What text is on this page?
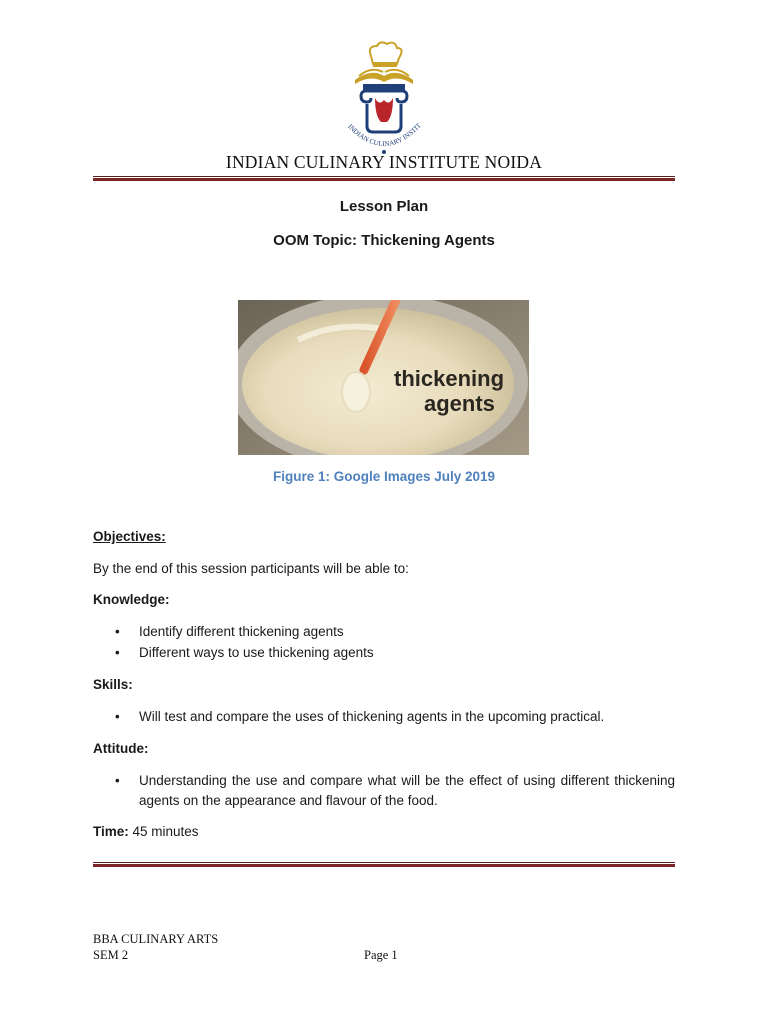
INDIAN CULINARY INSTIT
INDIAN CULINARY INSTITUTE NOIDA
Lesson Plan
OOM Topic: Thickening Agents
thickening
agents
Figure 1: Google Images July 2019
Objectives:
By the end of this session participants will be able to:
Knowledge:
• Identify different thickening agents
• Different ways to use thickening agents
Skills:
• Will test and compare the uses of thickening agents in the upcoming practical.
Attitude:
• Understanding the use and compare what will be the effect of using different thickening agents on the appearance and flavour of the food.
Time: 45 minutes
BBA CULINARY ARTS
SEM 2	Page 1
